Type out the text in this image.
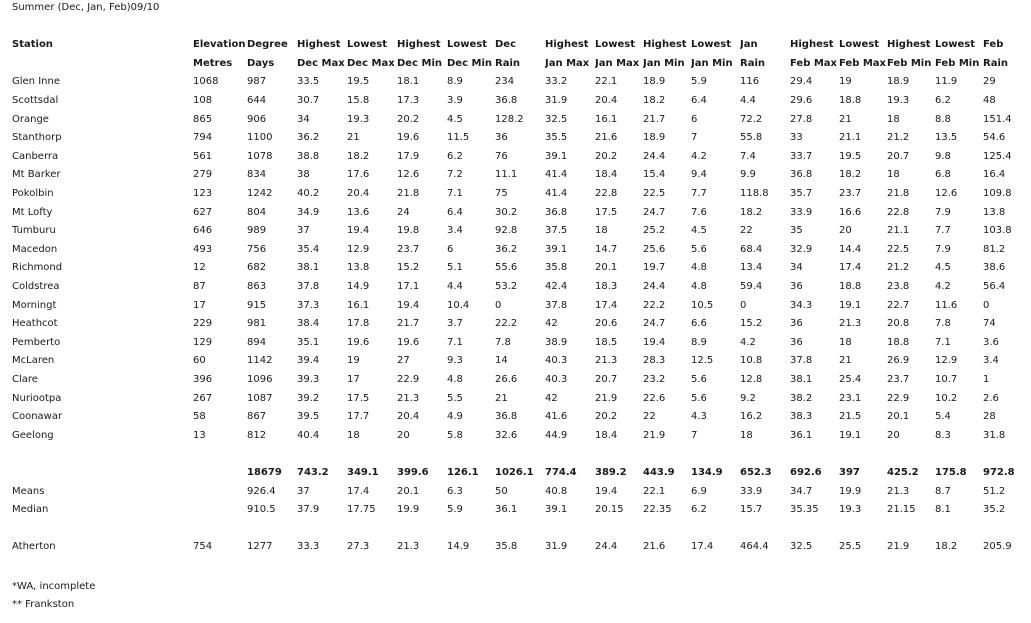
Summer (Dec, Jan, Feb)09/10
Station	Elevation	Degree	Highest	Lowest	Highest	Lowest	Dec	Highest	Lowest	Highest	Lowest	Jan	Highest	Lowest	Highest	Lowest	Feb
	Metres	Days	Dec Max	Dec Max	Dec Min	Dec Min	Rain	Jan Max	Jan Max	Jan Min	Jan Min	Rain	Feb Max	Feb Max	Feb Min	Feb Min	Rain
Glen Inne	1068	987	33.5	19.5	18.1	8.9	234	33.2	22.1	18.9	5.9	116	29.4	19	18.9	11.9	29
Scottsdal	108	644	30.7	15.8	17.3	3.9	36.8	31.9	20.4	18.2	6.4	4.4	29.6	18.8	19.3	6.2	48
Orange	865	906	34	19.3	20.2	4.5	128.2	32.5	16.1	21.7	6	72.2	27.8	21	18	8.8	151.4
Stanthorp	794	1100	36.2	21	19.6	11.5	36	35.5	21.6	18.9	7	55.8	33	21.1	21.2	13.5	54.6
Canberra	561	1078	38.8	18.2	17.9	6.2	76	39.1	20.2	24.4	4.2	7.4	33.7	19.5	20.7	9.8	125.4
Mt Barker	279	834	38	17.6	12.6	7.2	11.1	41.4	18.4	15.4	9.4	9.9	36.8	18.2	18	6.8	16.4
Pokolbin	123	1242	40.2	20.4	21.8	7.1	75	41.4	22.8	22.5	7.7	118.8	35.7	23.7	21.8	12.6	109.8
Mt Lofty	627	804	34.9	13.6	24	6.4	30.2	36.8	17.5	24.7	7.6	18.2	33.9	16.6	22.8	7.9	13.8
Tumburu	646	989	37	19.4	19.8	3.4	92.8	37.5	18	25.2	4.5	22	35	20	21.1	7.7	103.8
Macedon	493	756	35.4	12.9	23.7	6	36.2	39.1	14.7	25.6	5.6	68.4	32.9	14.4	22.5	7.9	81.2
Richmond	12	682	38.1	13.8	15.2	5.1	55.6	35.8	20.1	19.7	4.8	13.4	34	17.4	21.2	4.5	38.6
Coldstrea	87	863	37.8	14.9	17.1	4.4	53.2	42.4	18.3	24.4	4.8	59.4	36	18.8	23.8	4.2	56.4
Morningt	17	915	37.3	16.1	19.4	10.4	0	37.8	17.4	22.2	10.5	0	34.3	19.1	22.7	11.6	0
Heathcot	229	981	38.4	17.8	21.7	3.7	22.2	42	20.6	24.7	6.6	15.2	36	21.3	20.8	7.8	74
Pemberto	129	894	35.1	19.6	19.6	7.1	7.8	38.9	18.5	19.4	8.9	4.2	36	18	18.8	7.1	3.6
McLaren	60	1142	39.4	19	27	9.3	14	40.3	21.3	28.3	12.5	10.8	37.8	21	26.9	12.9	3.4
Clare	396	1096	39.3	17	22.9	4.8	26.6	40.3	20.7	23.2	5.6	12.8	38.1	25.4	23.7	10.7	1
Nuriootpa	267	1087	39.2	17.5	21.3	5.5	21	42	21.9	22.6	5.6	9.2	38.2	23.1	22.9	10.2	2.6
Coonawar	58	867	39.5	17.7	20.4	4.9	36.8	41.6	20.2	22	4.3	16.2	38.3	21.5	20.1	5.4	28
Geelong	13	812	40.4	18	20	5.8	32.6	44.9	18.4	21.9	7	18	36.1	19.1	20	8.3	31.8

		18679	743.2	349.1	399.6	126.1	1026.1	774.4	389.2	443.9	134.9	652.3	692.6	397	425.2	175.8	972.8
Means		926.4	37	17.4	20.1	6.3	50	40.8	19.4	22.1	6.9	33.9	34.7	19.9	21.3	8.7	51.2
Median		910.5	37.9	17.75	19.9	5.9	36.1	39.1	20.15	22.35	6.2	15.7	35.35	19.3	21.15	8.1	35.2

Atherton	754	1277	33.3	27.3	21.3	14.9	35.8	31.9	24.4	21.6	17.4	464.4	32.5	25.5	21.9	18.2	205.9
*WA, incomplete
** Frankston
